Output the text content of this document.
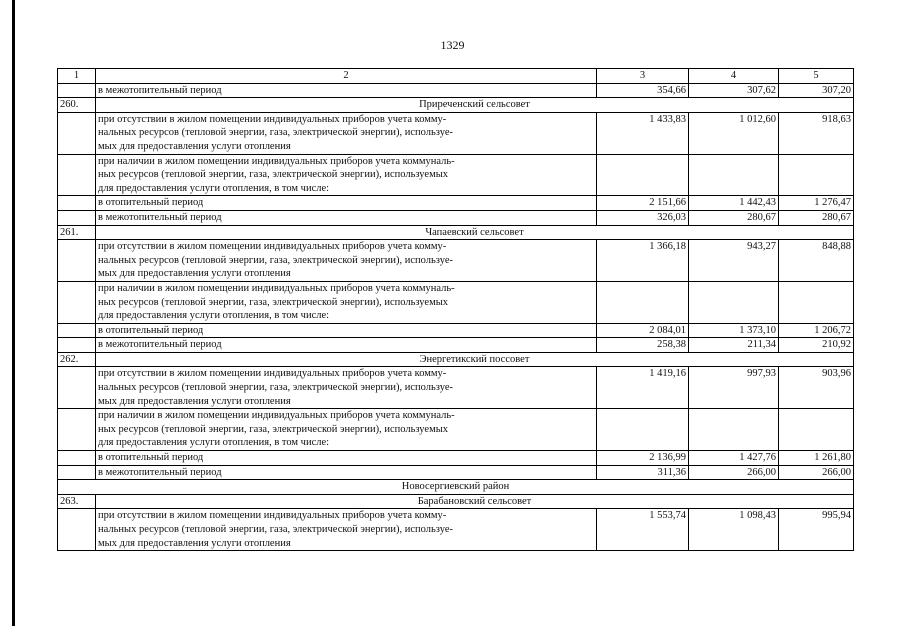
1329
1	2	3	4	5
	в межотопительный период	354,66	307,62	307,20
260.	Приреченский сельсовет			
	при отсутствии в жилом помещении индивидуальных приборов учета комму-
нальных ресурсов (тепловой энергии, газа, электрической энергии), используе-
мых для предоставления услуги отопления	1 433,83	1 012,60	918,63
	при наличии в жилом помещении индивидуальных приборов учета коммуналь-
ных ресурсов (тепловой энергии, газа, электрической энергии), используемых
для предоставления услуги отопления, в том числе:			
	в отопительный период	2 151,66	1 442,43	1 276,47
	в межотопительный период	326,03	280,67	280,67
261.	Чапаевский сельсовет			
	при отсутствии в жилом помещении индивидуальных приборов учета комму-
нальных ресурсов (тепловой энергии, газа, электрической энергии), используе-
мых для предоставления услуги отопления	1 366,18	943,27	848,88
	при наличии в жилом помещении индивидуальных приборов учета коммуналь-
ных ресурсов (тепловой энергии, газа, электрической энергии), используемых
для предоставления услуги отопления, в том числе:			
	в отопительный период	2 084,01	1 373,10	1 206,72
	в межотопительный период	258,38	211,34	210,92
262.	Энергетикский поссовет			
	при отсутствии в жилом помещении индивидуальных приборов учета комму-
нальных ресурсов (тепловой энергии, газа, электрической энергии), используе-
мых для предоставления услуги отопления	1 419,16	997,93	903,96
	при наличии в жилом помещении индивидуальных приборов учета коммуналь-
ных ресурсов (тепловой энергии, газа, электрической энергии), используемых
для предоставления услуги отопления, в том числе:			
	в отопительный период	2 136,99	1 427,76	1 261,80
	в межотопительный период	311,36	266,00	266,00
Новосергиевский район				
263.	Барабановский сельсовет			
	при отсутствии в жилом помещении индивидуальных приборов учета комму-
нальных ресурсов (тепловой энергии, газа, электрической энергии), используе-
мых для предоставления услуги отопления	1 553,74	1 098,43	995,94
